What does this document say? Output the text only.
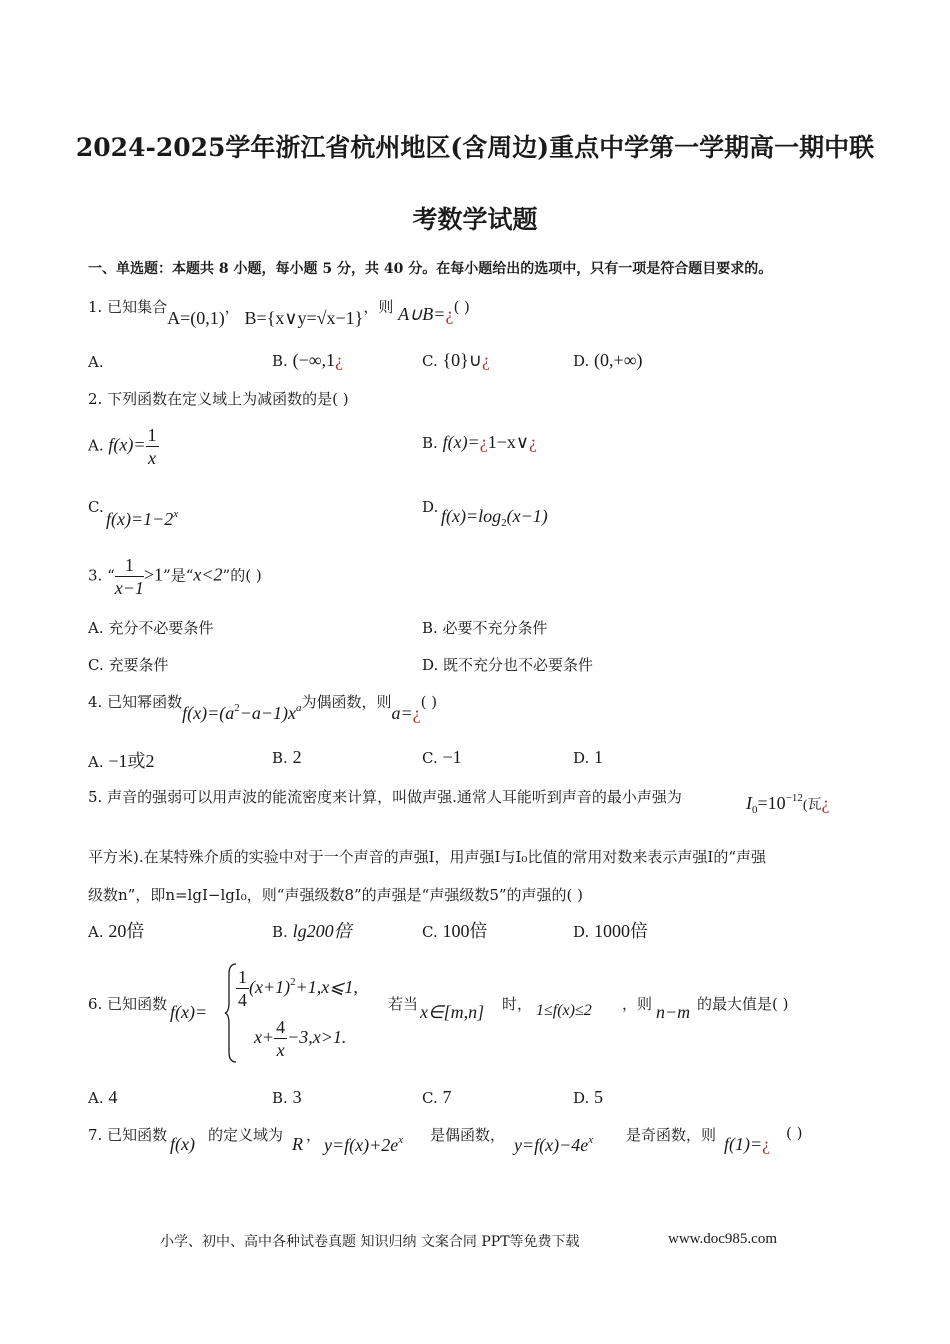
2024-2025学年浙江省杭州地区(含周边)重点中学第一学期高一期中联
考数学试题
一、单选题：本题共 8 小题，每小题 5 分，共 40 分。在每小题给出的选项中，只有一项是符合题目要求的。
1. 已知集合A=(0,1)， B={x∨y=√x−1}，则 A∪B=¿( )
A.	B. (−∞,1¿	C. {0}∪¿	D. (0,+∞)
2. 下列函数在定义域上为减函数的是( )
A. $f(x)= \frac{1}{x}$	B. f(x)=¿1−x∨¿
C.
$f(x)=1-2^x$	D. $f(x)=\log_2(x-1)$
3. “ $\frac{1}{x-1} >1$”是“x<2”的( )
A. 充分不必要条件	B. 必要不充分条件
C. 充要条件	D. 既不充分也不必要条件
4. 已知幂函数$f(x)=(a^2-a-1)x^a$为偶函数，则a=¿( )
A. −1或2	B. 2	C. −1	D. 1
5. 声音的强弱可以用声波的能流密度来计算，叫做声强.通常人耳能听到声音的最小声强为	$I_0=10^{-12}$(瓦¿
平方米).在某特殊介质的实验中对于一个声音的声强I，用声强I与I₀比值的常用对数来表示声强I的“声强
级数n”，即n=lgI−lgI₀，则“声强级数8”的声强是“声强级数5”的声强的( )
A. 20倍	B. lg200倍	C. 100倍	D. 1000倍
6. 已知函数 f(x)=
$\frac{1}{4}$ $(x+1)^2+1,x⩽1$,
$x+ \frac{4}{x} -3,x>1$.
若当 x∈[m,n] 时， 1≤f(x)≤2 ，则 n−m 的最大值是( )
A. 4	B. 3	C. 7	D. 5
7. 已知函数 f(x) 的定义域为 R ， $y=f(x)+2e^x$ 是偶函数， $y=f(x)-4e^x$ 是奇函数，则 f(1)=¿
( )
小学、初中、高中各种试卷真题 知识归纳 文案合同 PPT等免费下载	www.doc985.com
